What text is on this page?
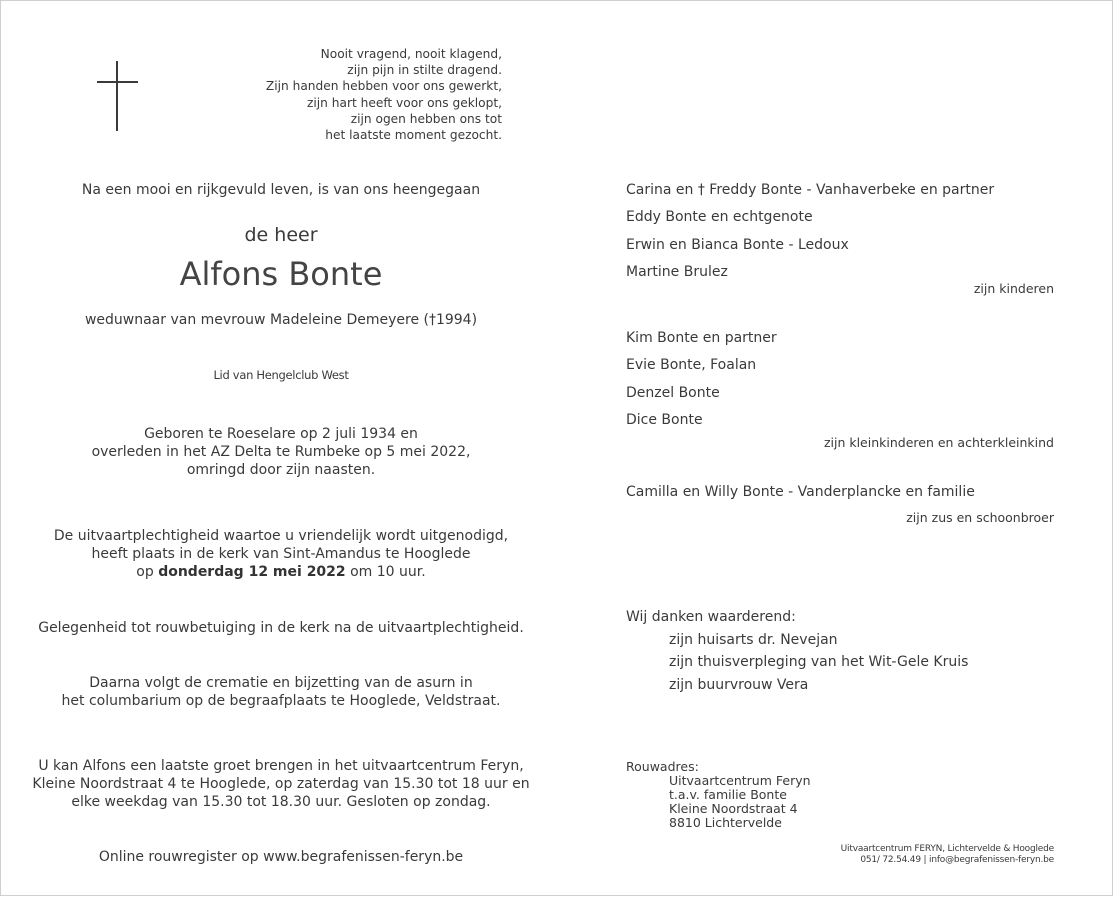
Nooit vragend, nooit klagend,
zijn pijn in stilte dragend.
Zijn handen hebben voor ons gewerkt,
zijn hart heeft voor ons geklopt,
zijn ogen hebben ons tot
het laatste moment gezocht.
Na een mooi en rijkgevuld leven, is van ons heengegaan
de heer
Alfons Bonte
weduwnaar van mevrouw Madeleine Demeyere (†1994)
Lid van Hengelclub West
Geboren te Roeselare op 2 juli 1934 en
overleden in het AZ Delta te Rumbeke op 5 mei 2022,
omringd door zijn naasten.
De uitvaartplechtigheid waartoe u vriendelijk wordt uitgenodigd,
heeft plaats in de kerk van Sint-Amandus te Hooglede
op donderdag 12 mei 2022 om 10 uur.
Gelegenheid tot rouwbetuiging in de kerk na de uitvaartplechtigheid.
Daarna volgt de crematie en bijzetting van de asurn in
het columbarium op de begraafplaats te Hooglede, Veldstraat.
U kan Alfons een laatste groet brengen in het uitvaartcentrum Feryn,
Kleine Noordstraat 4 te Hooglede, op zaterdag van 15.30 tot 18 uur en
elke weekdag van 15.30 tot 18.30 uur. Gesloten op zondag.
Online rouwregister op www.begrafenissen-feryn.be
Carina en † Freddy Bonte - Vanhaverbeke en partner
Eddy Bonte en echtgenote
Erwin en Bianca Bonte - Ledoux
Martine Brulez
zijn kinderen
Kim Bonte en partner
Evie Bonte, Foalan
Denzel Bonte
Dice Bonte
zijn kleinkinderen en achterkleinkind
Camilla en Willy Bonte - Vanderplancke en familie
zijn zus en schoonbroer
Wij danken waarderend:
zijn huisarts dr. Nevejan
zijn thuisverpleging van het Wit-Gele Kruis
zijn buurvrouw Vera
Rouwadres:
Uitvaartcentrum Feryn
t.a.v. familie Bonte
Kleine Noordstraat 4
8810 Lichtervelde
Uitvaartcentrum FERYN, Lichtervelde & Hooglede
051/ 72.54.49 | info@begrafenissen-feryn.be
